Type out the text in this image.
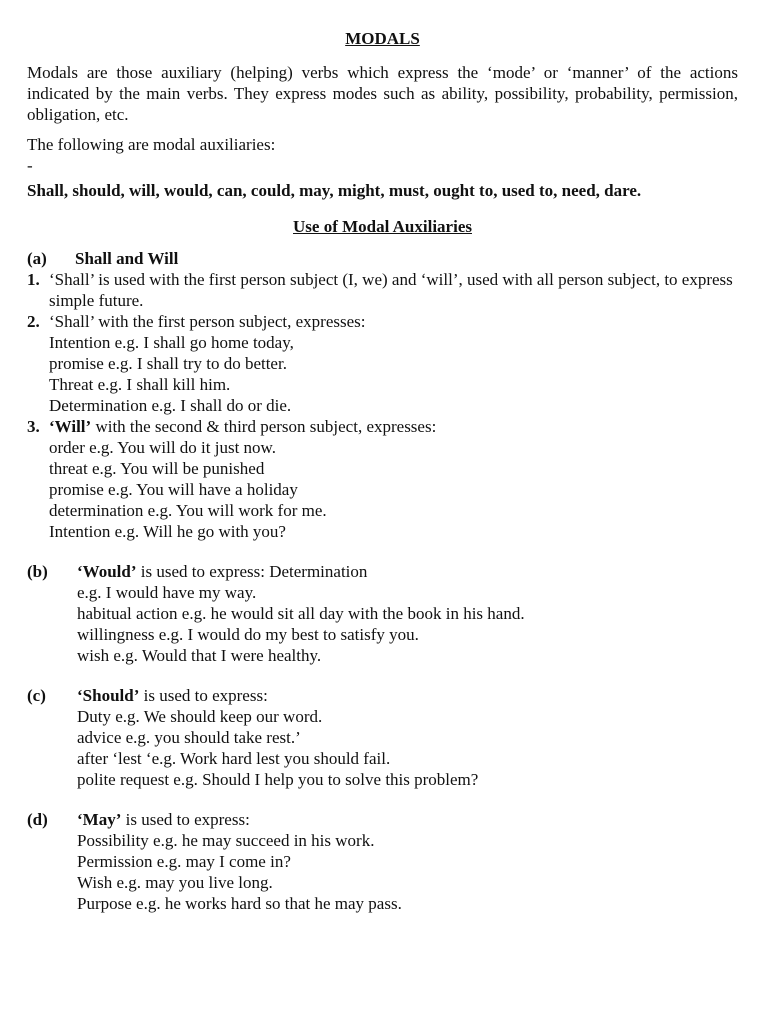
MODALS

Modals are those auxiliary (helping) verbs which express the ‘mode’ or ‘manner’ of the actions indicated by the main verbs. They express modes such as ability, possibility, probability, permission, obligation, etc.

The following are modal auxiliaries:

-

Shall, should, will, would, can, could, may, might, must, ought to, used to, need, dare.

Use of Modal Auxiliaries
(a)	Shall and Will
1. ‘Shall’ is used with the first person subject (I, we) and ‘will’, used with all person subject, to express simple future.
2. ‘Shall’ with the first person subject, expresses:
Intention e.g. I shall go home today,
promise e.g. I shall try to do better.
Threat e.g. I shall kill him.
Determination e.g. I shall do or die.
3. ‘Will’ with the second & third person subject, expresses:
order e.g. You will do it just now.
threat e.g. You will be punished
promise e.g. You will have a holiday
determination e.g. You will work for me.
Intention e.g. Will he go with you?
(b)	‘Would’ is used to express: Determination
e.g. I would have my way.
habitual action e.g. he would sit all day with the book in his hand.
willingness e.g. I would do my best to satisfy you.
wish e.g. Would that I were healthy.
(c)	‘Should’ is used to express:
Duty e.g. We should keep our word.
advice e.g. you should take rest.’
after ‘lest ‘e.g. Work hard lest you should fail.
polite request e.g. Should I help you to solve this problem?
(d)	‘May’ is used to express:
Possibility e.g. he may succeed in his work.
Permission e.g. may I come in?
Wish e.g. may you live long.
Purpose e.g. he works hard so that he may pass.
